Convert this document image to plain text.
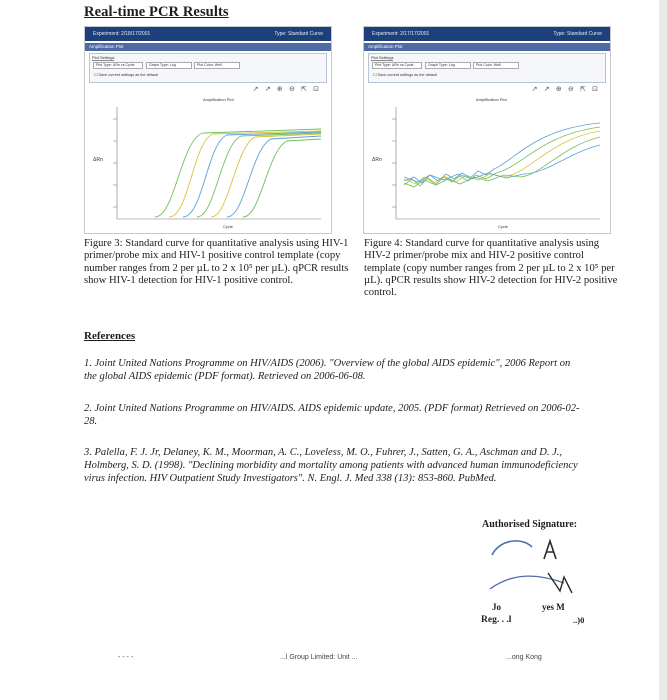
Real-time PCR Results
Experiment: 2/18/17/2001	Type: Standard Curve
Amplification Plot
Plot Settings
Plot Type: ΔRn vs Cycle	Graph Type: Log	Plot Color: Well
☐ Save current settings as the default
↗ ↗ ⊕ ⊖ ⇱ ⊡
Amplification Plot
ΔRn
Cycle
Experiment: 2/17/17/2001	Type: Standard Curve
Amplification Plot
Plot Settings
Plot Type: ΔRn vs Cycle	Graph Type: Log	Plot Color: Well
☐ Save current settings as the default
↗ ↗ ⊕ ⊖ ⇱ ⊡
Amplification Plot
ΔRn
Cycle
Figure 3: Standard curve for quantitative analysis using HIV-1 primer/probe mix and HIV-1 positive control template (copy number ranges from 2 per µL to 2 x 10⁵ per µL). qPCR results show HIV-1 detection for HIV-1 positive control.
Figure 4: Standard curve for quantitative analysis using HIV-2 primer/probe mix and HIV-2 positive control template (copy number ranges from 2 per µL to 2 x 10⁵ per µL). qPCR results show HIV-2 detection for HIV-2 positive control.
References
1. Joint United Nations Programme on HIV/AIDS (2006). "Overview of the global AIDS epidemic", 2006 Report on the global AIDS epidemic (PDF format). Retrieved on 2006-06-08.
2. Joint United Nations Programme on HIV/AIDS. AIDS epidemic update, 2005. (PDF format) Retrieved on 2006-02-28.
3. Palella, F. J. Jr, Delaney, K. M., Moorman, A. C., Loveless, M. O., Fuhrer, J., Satten, G. A., Aschman and D. J., Holmberg, S. D. (1998). "Declining morbidity and mortality among patients with advanced human immunodeficiency virus infection. HIV Outpatient Study Investigators". N. Engl. J. Med 338 (13): 853-860. PubMed.
Authorised Signature:
Jo	yes M
Reg. . .l	..)0
- - - -	...l Group Limited: Unit ...	...ong Kong
